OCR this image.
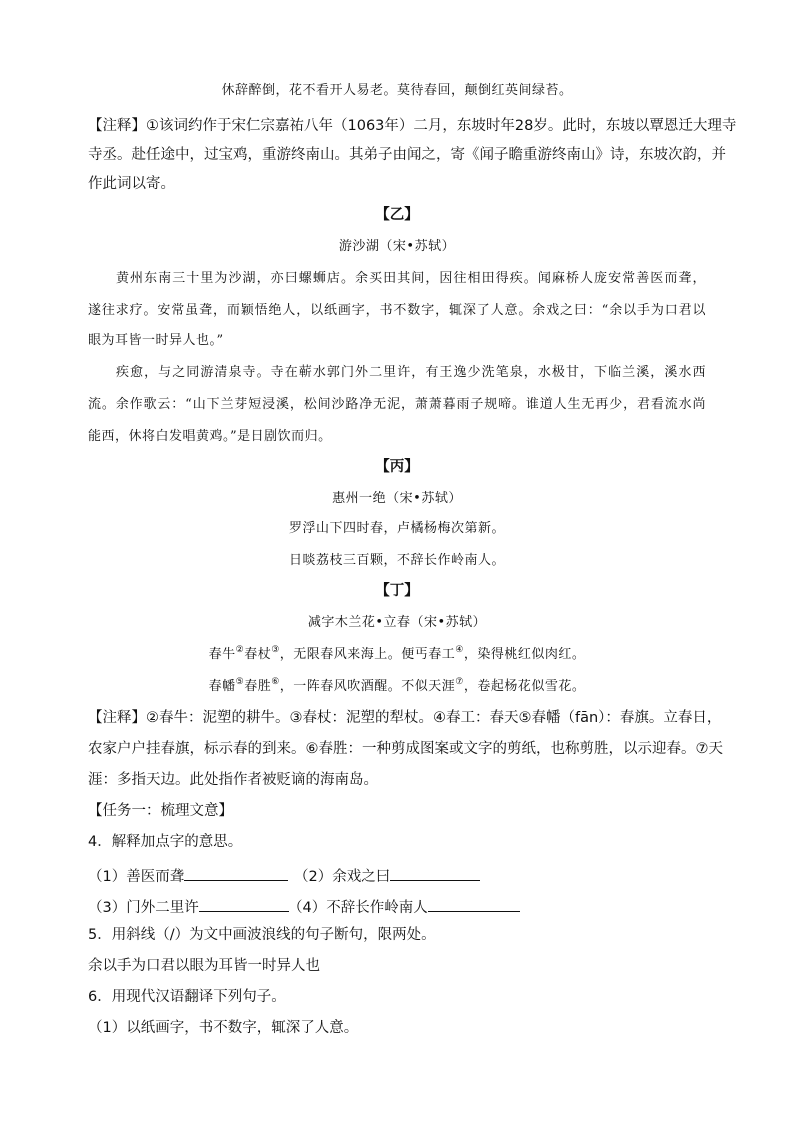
休辞醉倒，花不看开人易老。莫待春回，颠倒红英间绿苔。
【注释】①该词约作于宋仁宗嘉祐八年（1063年）二月，东坡时年28岁。此时，东坡以覃恩迁大理寺
寺丞。赴任途中，过宝鸡，重游终南山。其弟子由闻之，寄《闻子瞻重游终南山》诗，东坡次韵，并
作此词以寄。
【乙】
游沙湖（宋•苏轼）
黄州东南三十里为沙湖，亦曰螺蛳店。余买田其间，因往相田得疾。闻麻桥人庞安常善医而聋，
遂往求疗。安常虽聋，而颖悟绝人，以纸画字，书不数字，辄深了人意。余戏之曰：“余以手为口君以
眼为耳皆一时异人也。”
疾愈，与之同游清泉寺。寺在蕲水郭门外二里许，有王逸少洗笔泉，水极甘，下临兰溪，溪水西
流。余作歌云：“山下兰芽短浸溪，松间沙路净无泥，萧萧暮雨子规啼。谁道人生无再少，君看流水尚
能西，休将白发唱黄鸡。”是日剧饮而归。
【丙】
惠州一绝（宋•苏轼）
罗浮山下四时春，卢橘杨梅次第新。
日啖荔枝三百颗，不辞长作岭南人。
【丁】
减字木兰花•立春（宋•苏轼）
春牛②春杖③，无限春风来海上。便丐春工④，染得桃红似肉红。
春幡⑤春胜⑥，一阵春风吹酒醒。不似天涯⑦，卷起杨花似雪花。
【注释】②春牛：泥塑的耕牛。③春杖：泥塑的犁杖。④春工：春天⑤春幡（fān）：春旗。立春日，
农家户户挂春旗，标示春的到来。⑥春胜：一种剪成图案或文字的剪纸，也称剪胜，以示迎春。⑦天
涯：多指天边。此处指作者被贬谪的海南岛。
【任务一：梳理文意】
4．解释加点字的意思。
（1）善医而聋	（2）余戏之曰
（3）门外二里许	（4）不辞长作岭南人
5．用斜线（/）为文中画波浪线的句子断句，限两处。
余以手为口君以眼为耳皆一时异人也
6．用现代汉语翻译下列句子。
（1）以纸画字，书不数字，辄深了人意。
